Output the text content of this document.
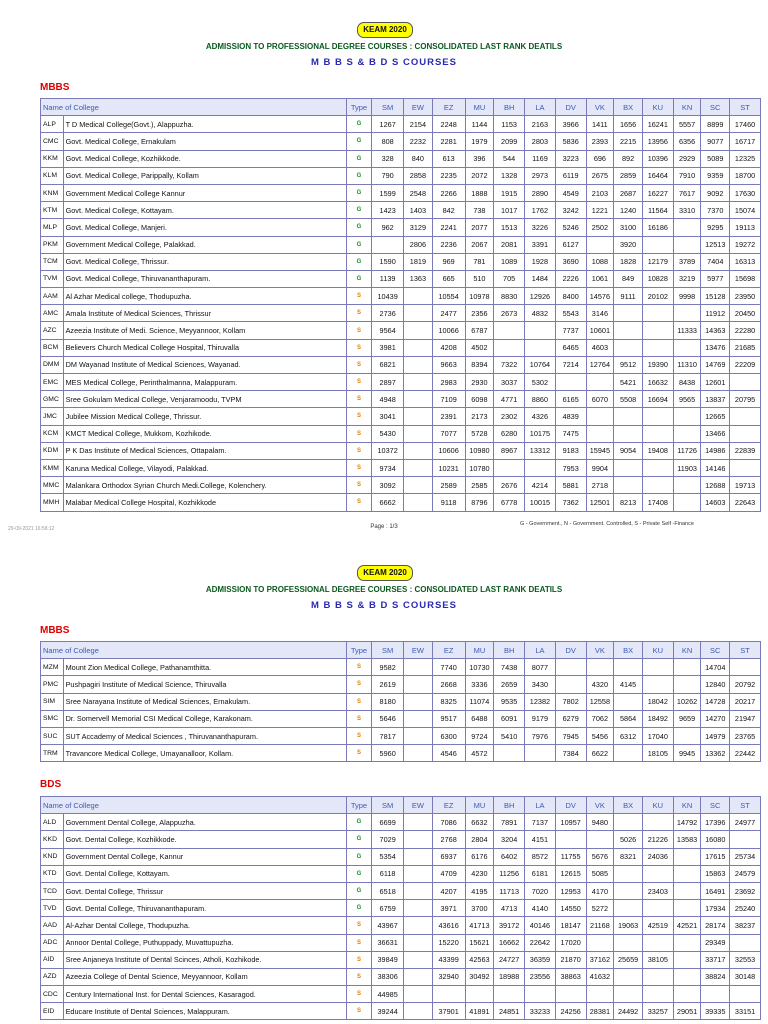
KEAM 2020
ADMISSION TO PROFESSIONAL DEGREE COURSES : CONSOLIDATED LAST RANK DEATILS
M B B S & B D S COURSES
MBBS
Name of College		Type	SM	EW	EZ	MU	BH	LA	DV	VK	BX	KU	KN	SC	ST
ALP	T D Medical College(Govt.), Alappuzha.	G	1267	2154	2248	1144	1153	2163	3966	1411	1656	16241	5557	8899	17460
CMC	Govt. Medical College, Ernakulam	G	808	2232	2281	1979	2099	2803	5836	2393	2215	13956	6356	9077	16717
KKM	Govt. Medical College, Kozhikkode.	G	328	840	613	396	544	1169	3223	696	892	10396	2929	5089	12325
KLM	Govt. Medical College, Parippally, Kollam	G	790	2858	2235	2072	1328	2973	6119	2675	2859	16464	7910	9359	18700
KNM	Government Medical College Kannur	G	1599	2548	2266	1888	1915	2890	4549	2103	2687	16227	7617	9092	17630
KTM	Govt. Medical College, Kottayam.	G	1423	1403	842	738	1017	1762	3242	1221	1240	11564	3310	7370	15074
MLP	Govt. Medical College, Manjeri.	G	962	3129	2241	2077	1513	3226	5246	2502	3100	16186		9295	19113
PKM	Government Medical College, Palakkad.	G		2806	2236	2067	2081	3391	6127		3920			12513	19272
TCM	Govt. Medical College, Thrissur.	G	1590	1819	969	781	1089	1928	3690	1088	1828	12179	3789	7404	16313
TVM	Govt. Medical College, Thiruvananthapuram.	G	1139	1363	665	510	705	1484	2226	1061	849	10828	3219	5977	15698
AAM	Al Azhar Medical college, Thodupuzha.	S	10439		10554	10978	8830	12926	8400	14576	9111	20102	9998	15128	23950
AMC	Amala Institute of Medical Sciences, Thrissur	S	2736		2477	2356	2673	4832	5543	3146				11912	20450
AZC	Azeezia Institute of Medi. Science, Meyyannoor, Kollam	S	9564		10066	6787			7737	10601			11333	14363	22280
BCM	Believers Church Medical College Hospital, Thiruvalla	S	3981		4208	4502			6465	4603				13476	21685
DMM	DM Wayanad Institute of Medical Sciences, Wayanad.	S	6821		9663	8394	7322	10764	7214	12764	9512	19390	11310	14769	22209
EMC	MES Medical College, Perinthalmanna, Malappuram.	S	2897		2983	2930	3037	5302			5421	16632	8438	12601	
GMC	Sree Gokulam Medical College, Venjaramoodu, TVPM	S	4948		7109	6098	4771	8860	6165	6070	5508	16694	9565	13837	20795
JMC	Jubilee Mission Medical College, Thrissur.	S	3041		2391	2173	2302	4326	4839					12665	
KCM	KMCT Medical College, Mukkom, Kozhikode.	S	5430		7077	5728	6280	10175	7475					13466	
KDM	P K Das Institute of Medical Sciences, Ottapalam.	S	10372		10606	10980	8967	13312	9183	15945	9054	19408	11726	14986	22839
KMM	Karuna Medical College, Vilayodi, Palakkad.	S	9734		10231	10780			7953	9904			11903	14146	
MMC	Malankara Orthodox Syrian Church Medi.College, Kolenchery.	S	3092		2589	2585	2676	4214	5881	2718				12688	19713
MMH	Malabar Medical College Hospital, Kozhikkode	S	6662		9118	8796	6778	10015	7362	12501	8213	17408		14603	22643
29-09-2021 16:58:12	Page : 1/3	G - Government., N - Government. Controlled, S - Private Self -Finance
KEAM 2020
ADMISSION TO PROFESSIONAL DEGREE COURSES : CONSOLIDATED LAST RANK DEATILS
M B B S & B D S COURSES
MBBS
Name of College		Type	SM	EW	EZ	MU	BH	LA	DV	VK	BX	KU	KN	SC	ST
MZM	Mount Zion Medical College, Pathanamthitta.	S	9582		7740	10730	7438	8077						14704	
PMC	Pushpagiri Institute of Medical Science, Thiruvalla	S	2619		2668	3336	2659	3430		4320	4145			12840	20792
SIM	Sree Narayana Institute of Medical Sciences, Ernakulam.	S	8180		8325	11074	9535	12382	7802	12558		18042	10262	14728	20217
SMC	Dr. Somervell Memorial CSI Medical College, Karakonam.	S	5646		9517	6488	6091	9179	6279	7062	5864	18492	9659	14270	21947
SUC	SUT Accademy of Medical Sciences , Thiruvananthapuram.	S	7817		6300	9724	5410	7976	7945	5456	6312	17040		14979	23765
TRM	Travancore Medical College, Umayanalloor, Kollam.	S	5960		4546	4572			7384	6622		18105	9945	13362	22442
BDS
Name of College		Type	SM	EW	EZ	MU	BH	LA	DV	VK	BX	KU	KN	SC	ST
ALD	Government Dental College, Alappuzha.	G	6699		7086	6632	7891	7137	10957	9480			14792	17396	24977
KKD	Govt. Dental College, Kozhikkode.	G	7029		2768	2804	3204	4151			5026	21226	13583	16080	
KND	Government Dental College, Kannur	G	5354		6937	6176	6402	8572	11755	5676	8321	24036		17615	25734
KTD	Govt. Dental College, Kottayam.	G	6118		4709	4230	11256	6181	12615	5085				15863	24579
TCD	Govt. Dental College, Thrissur	G	6518		4207	4195	11713	7020	12953	4170		23403		16491	23692
TVD	Govt. Dental College, Thiruvananthapuram.	G	6759		3971	3700	4713	4140	14550	5272				17934	25240
AAD	Al-Azhar Dental College, Thodupuzha.	S	43967		43616	41713	39172	40146	18147	21168	19063	42519	42521	28174	38237
ADC	Annoor Dental College, Puthuppady, Muvattupuzha.	S	36631		15220	15621	16662	22642	17020					29349	
AID	Sree Anjaneya Institute of Dental Scinces, Atholi, Kozhikode.	S	39849		43399	42563	24727	36359	21870	37162	25659	38105		33717	32553
AZD	Azeezia College of Dental Science, Meyyannoor, Kollam	S	38306		32940	30492	18988	23556	38863	41632				38824	30148
CDC	Century International Inst. for Dental Sciences, Kasaragod.	S	44985												
EID	Educare Institute of Dental Sciences, Malappuram.	S	39244		37901	41891	24851	33233	24256	28381	24492	33257	29051	39335	33151
